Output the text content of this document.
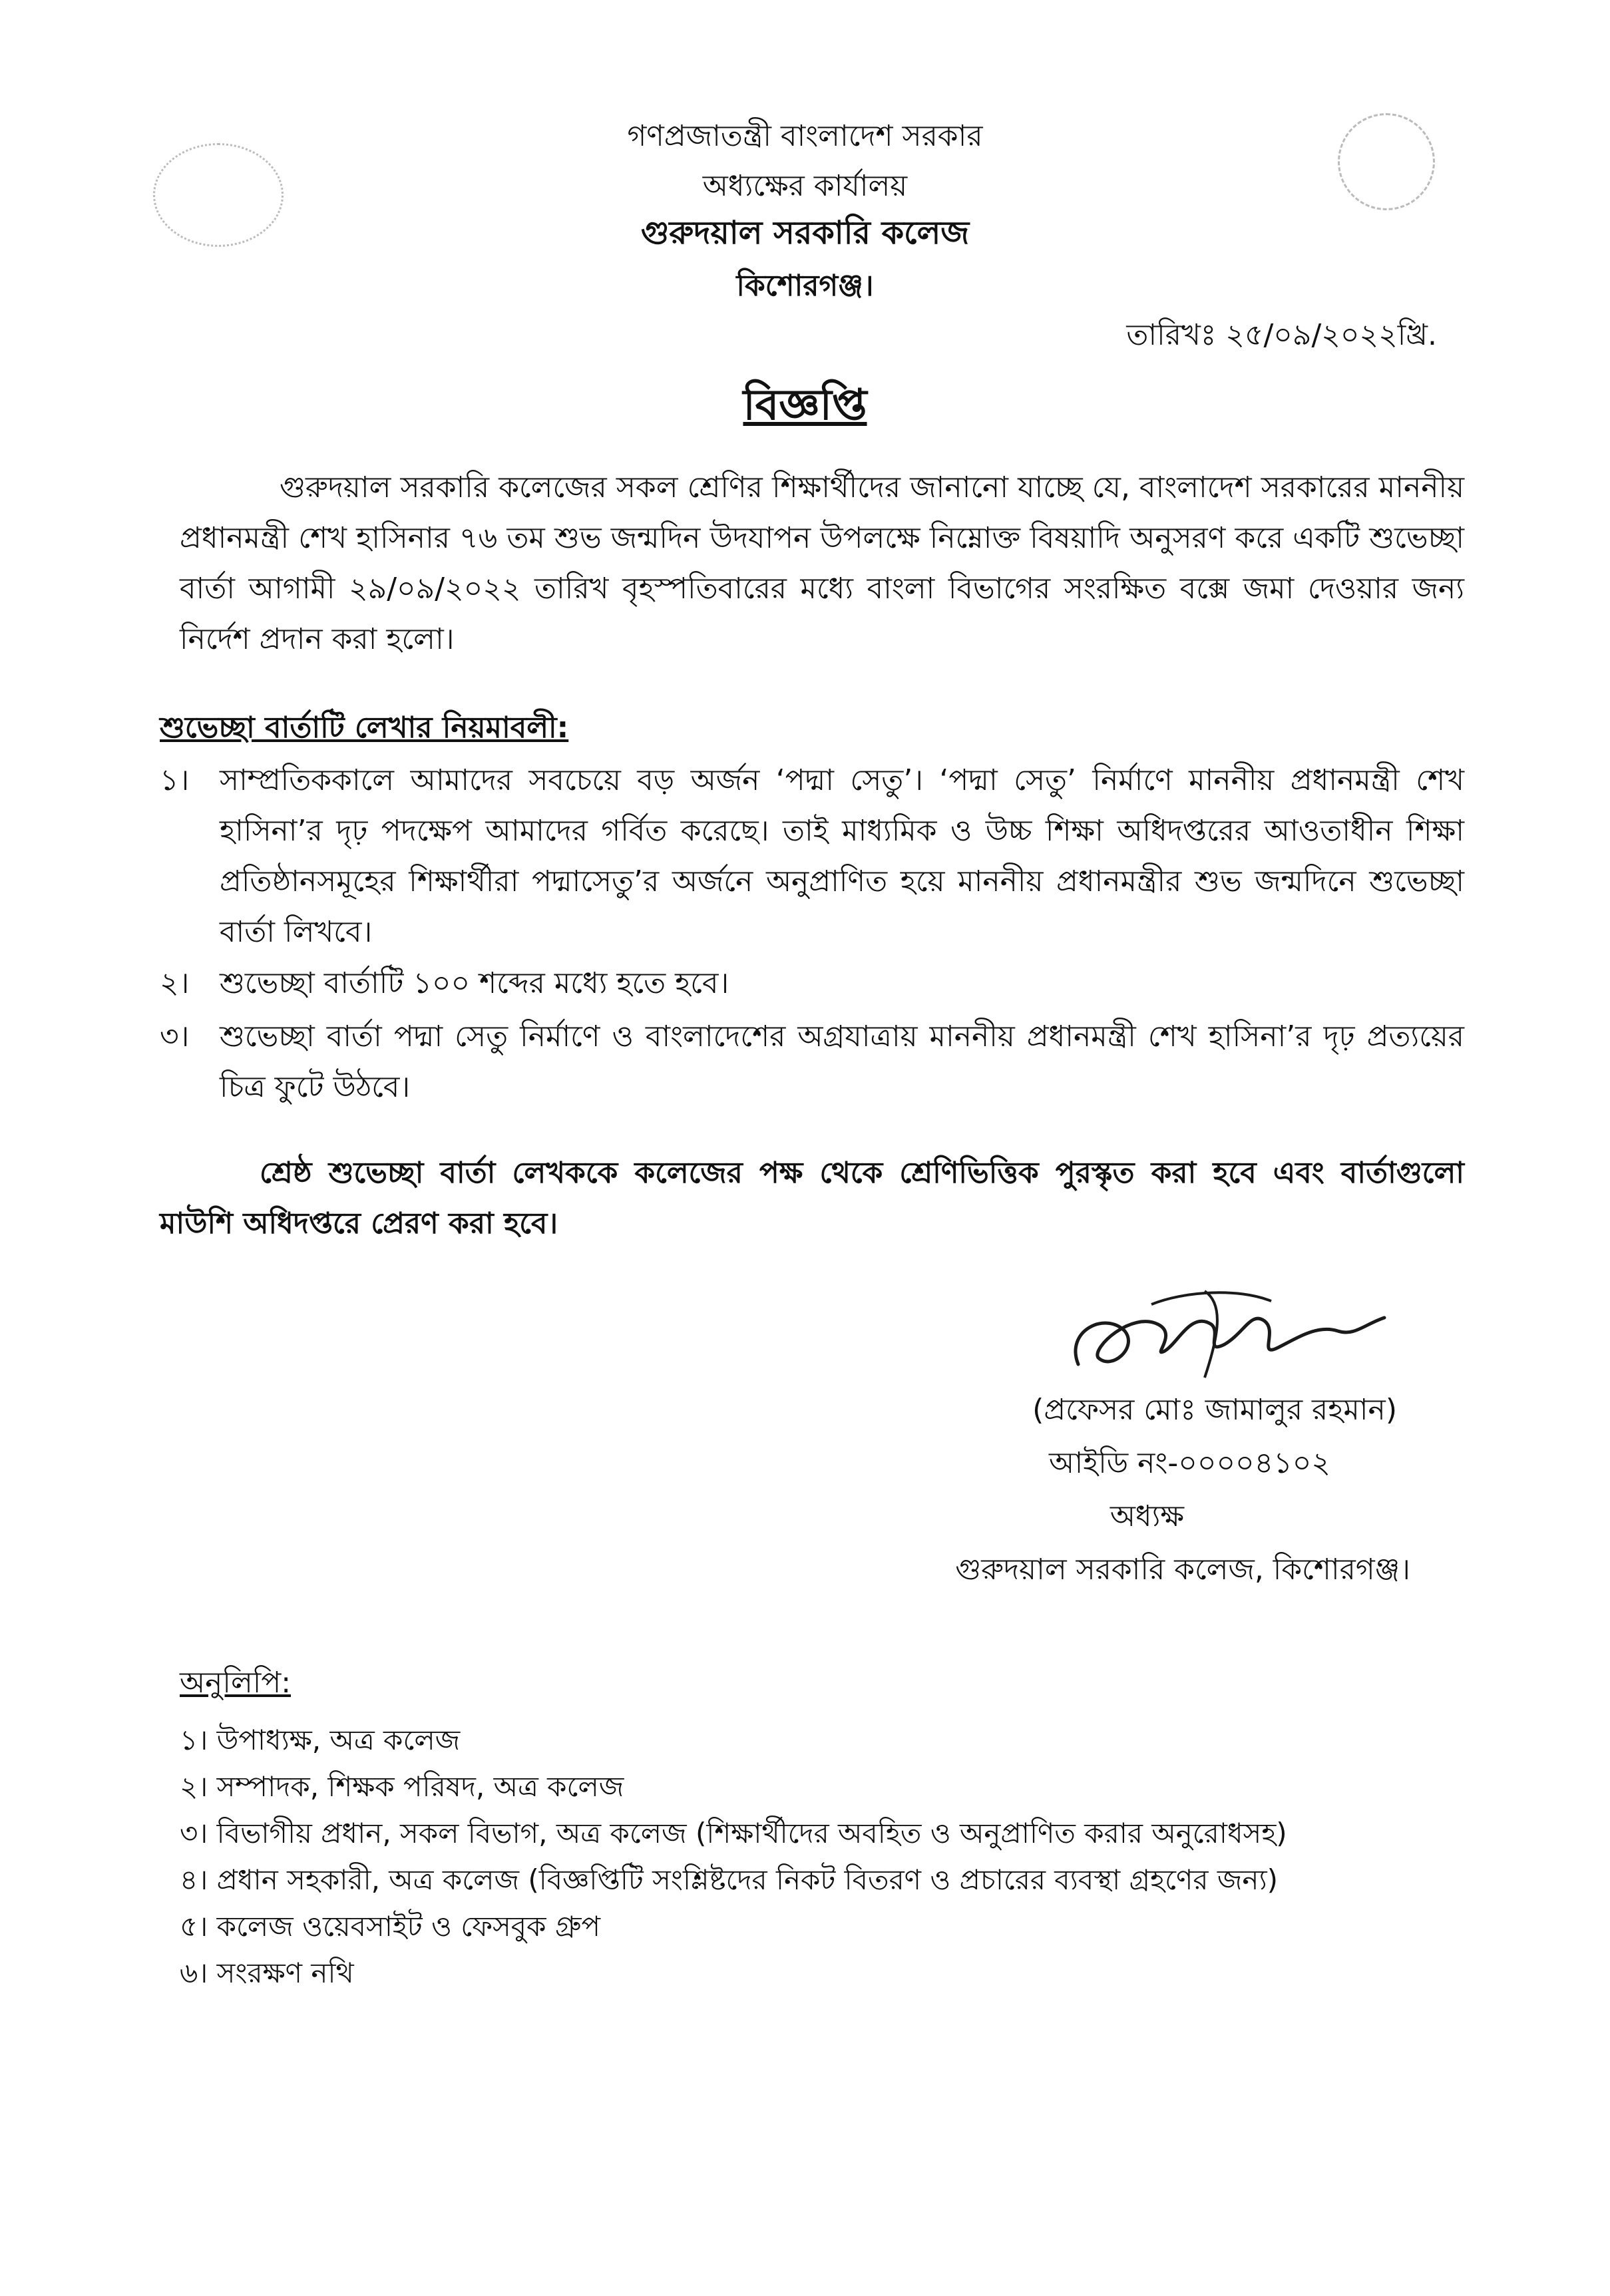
গণপ্রজাতন্ত্রী বাংলাদেশ সরকার
অধ্যক্ষের কার্যালয়
গুরুদয়াল সরকারি কলেজ
কিশোরগঞ্জ।
তারিখঃ ২৫/০৯/২০২২খ্রি.
বিজ্ঞপ্তি
গুরুদয়াল সরকারি কলেজের সকল শ্রেণির শিক্ষার্থীদের জানানো যাচ্ছে যে, বাংলাদেশ সরকারের মাননীয় প্রধানমন্ত্রী শেখ হাসিনার ৭৬ তম শুভ জন্মদিন উদযাপন উপলক্ষে নিম্নোক্ত বিষয়াদি অনুসরণ করে একটি শুভেচ্ছা বার্তা আগামী ২৯/০৯/২০২২ তারিখ বৃহস্পতিবারের মধ্যে বাংলা বিভাগের সংরক্ষিত বক্সে জমা দেওয়ার জন্য নির্দেশ প্রদান করা হলো।
শুভেচ্ছা বার্তাটি লেখার নিয়মাবলী:
১।	সাম্প্রতিককালে আমাদের সবচেয়ে বড় অর্জন ‘পদ্মা সেতু’। ‘পদ্মা সেতু’ নির্মাণে মাননীয় প্রধানমন্ত্রী শেখ হাসিনা’র দৃঢ় পদক্ষেপ আমাদের গর্বিত করেছে। তাই মাধ্যমিক ও উচ্চ শিক্ষা অধিদপ্তরের আওতাধীন শিক্ষা প্রতিষ্ঠানসমূহের শিক্ষার্থীরা পদ্মাসেতু’র অর্জনে অনুপ্রাণিত হয়ে মাননীয় প্রধানমন্ত্রীর শুভ জন্মদিনে শুভেচ্ছা বার্তা লিখবে।
২।	শুভেচ্ছা বার্তাটি ১০০ শব্দের মধ্যে হতে হবে।
৩।	শুভেচ্ছা বার্তা পদ্মা সেতু নির্মাণে ও বাংলাদেশের অগ্রযাত্রায় মাননীয় প্রধানমন্ত্রী শেখ হাসিনা’র দৃঢ় প্রত্যয়ের চিত্র ফুটে উঠবে।
শ্রেষ্ঠ শুভেচ্ছা বার্তা লেখককে কলেজের পক্ষ থেকে শ্রেণিভিত্তিক পুরস্কৃত করা হবে এবং বার্তাগুলো মাউশি অধিদপ্তরে প্রেরণ করা হবে।
(প্রফেসর মোঃ জামালুর রহমান)
আইডি নং-০০০০৪১০২
অধ্যক্ষ
গুরুদয়াল সরকারি কলেজ, কিশোরগঞ্জ।
অনুলিপি:
১। উপাধ্যক্ষ, অত্র কলেজ
২। সম্পাদক, শিক্ষক পরিষদ, অত্র কলেজ
৩। বিভাগীয় প্রধান, সকল বিভাগ, অত্র কলেজ (শিক্ষার্থীদের অবহিত ও অনুপ্রাণিত করার অনুরোধসহ)
৪। প্রধান সহকারী, অত্র কলেজ (বিজ্ঞপ্তিটি সংশ্লিষ্টদের নিকট বিতরণ ও প্রচারের ব্যবস্থা গ্রহণের জন্য)
৫। কলেজ ওয়েবসাইট ও ফেসবুক গ্রুপ
৬। সংরক্ষণ নথি
